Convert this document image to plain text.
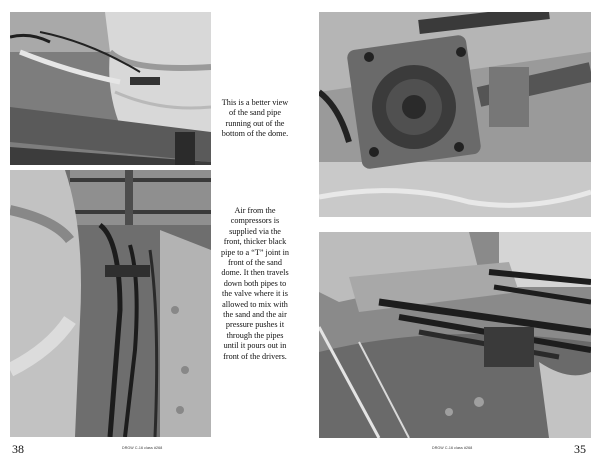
This is a better view
of the sand pipe
running out of the
bottom of the dome.
Air from the
compressors is
supplied via the
front, thicker black
pipe to a “T” joint in
front of the sand
dome. It then travels
down both pipes to
the valve where it is
allowed to mix with
the sand and the air
pressure pushes it
through the pipes
until it pours out in
front of the drivers.
38	DRGW C-16 class #268	DRGW C-16 class #268	35
